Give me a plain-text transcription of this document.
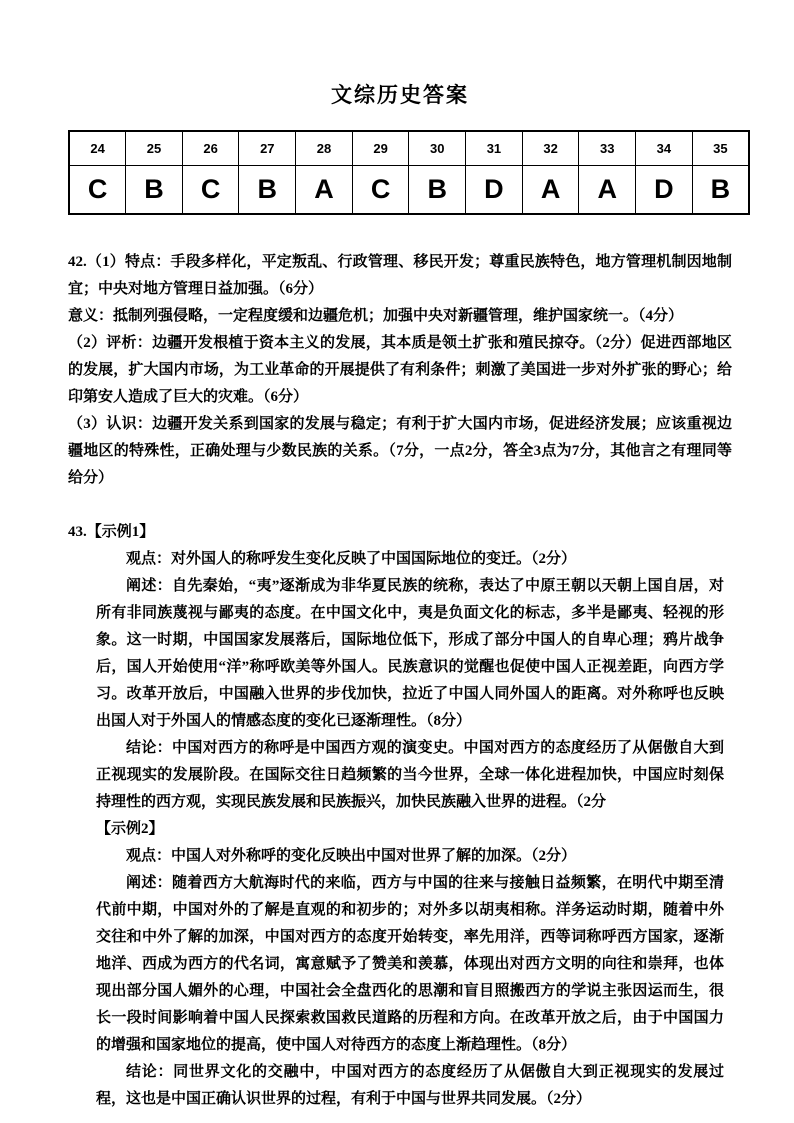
文综历史答案
24	25	26	27	28	29	30	31	32	33	34	35
C	B	C	B	A	C	B	D	A	A	D	B

42.（1）特点：手段多样化，平定叛乱、行政管理、移民开发；尊重民族特色，地方管理机制因地制宜；中央对地方管理日益加强。（6分）

意义：抵制列强侵略，一定程度缓和边疆危机；加强中央对新疆管理，维护国家统一。（4分）

（2）评析：边疆开发根植于资本主义的发展，其本质是领土扩张和殖民掠夺。（2分）促进西部地区的发展，扩大国内市场，为工业革命的开展提供了有利条件；刺激了美国进一步对外扩张的野心；给印第安人造成了巨大的灾难。（6分）

（3）认识：边疆开发关系到国家的发展与稳定；有利于扩大国内市场，促进经济发展；应该重视边疆地区的特殊性，正确处理与少数民族的关系。（7分，一点2分，答全3点为7分，其他言之有理同等给分）

43.【示例1】

观点：对外国人的称呼发生变化反映了中国国际地位的变迁。（2分）

阐述：自先秦始，“夷”逐渐成为非华夏民族的统称，表达了中原王朝以天朝上国自居，对所有非同族蔑视与鄙夷的态度。在中国文化中，夷是负面文化的标志，多半是鄙夷、轻视的形象。这一时期，中国国家发展落后，国际地位低下，形成了部分中国人的自卑心理；鸦片战争后，国人开始使用“洋”称呼欧美等外国人。民族意识的觉醒也促使中国人正视差距，向西方学习。改革开放后，中国融入世界的步伐加快，拉近了中国人同外国人的距离。对外称呼也反映出国人对于外国人的情感态度的变化已逐渐理性。（8分）

结论：中国对西方的称呼是中国西方观的演变史。中国对西方的态度经历了从倨傲自大到正视现实的发展阶段。在国际交往日趋频繁的当今世界，全球一体化进程加快，中国应时刻保持理性的西方观，实现民族发展和民族振兴，加快民族融入世界的进程。（2分

【示例2】

观点：中国人对外称呼的变化反映出中国对世界了解的加深。（2分）

阐述：随着西方大航海时代的来临，西方与中国的往来与接触日益频繁，在明代中期至清代前中期，中国对外的了解是直观的和初步的；对外多以胡夷相称。洋务运动时期，随着中外交往和中外了解的加深，中国对西方的态度开始转变，率先用洋，西等词称呼西方国家，逐渐地洋、西成为西方的代名词，寓意赋予了赞美和羡慕，体现出对西方文明的向往和崇拜，也体现出部分国人媚外的心理，中国社会全盘西化的思潮和盲目照搬西方的学说主张因运而生，很长一段时间影响着中国人民探索救国救民道路的历程和方向。在改革开放之后，由于中国国力的增强和国家地位的提高，使中国人对待西方的态度上渐趋理性。（8分）

结论：同世界文化的交融中，中国对西方的态度经历了从倨傲自大到正视现实的发展过程，这也是中国正确认识世界的过程，有利于中国与世界共同发展。（2分）
